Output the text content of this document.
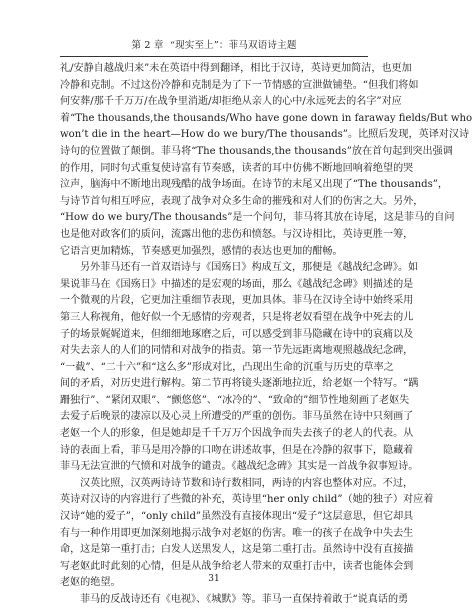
第 2 章 “现实至上”：菲马双语诗主题
礼/安静自越战归来”未在英语中得到翻译，相比于汉诗，英诗更加简洁，也更加
冷静和克制。不过这份冷静和克制是为了下一节情感的宣泄做铺垫。“但我们将如
何安葬/那千千万万/在战争里消逝/却拒绝从亲人的心中/永远死去的名字”对应
着“The thousands,the thousands/Who have gone down in faraway fields/But who
won’t die in the heart—How do we bury/The thousands”。比照后发现，英译对汉诗
诗句的位置做了颠倒。菲马将“The thousands,the thousands”放在首句起到突出强调
的作用，同时句式重复使诗富有节奏感，读者的耳中仿佛不断地回响着绝望的哭
泣声，脑海中不断地出现残酷的战争场面。在诗节的末尾又出现了“The thousands”，
与诗节首句相互呼应，表现了战争对众多生命的摧残和对人们的伤害之大。另外，
“How do we bury/The thousands”是一个问句，菲马将其放在诗尾，这是菲马的自问
也是他对政客们的质问，流露出他的悲伤和愤怒。与汉诗相比，英诗更胜一筹，
它语言更加精炼，节奏感更加强烈，感情的表达也更加的酣畅。
另外菲马还有一首双语诗与《国殇日》构成互文，那便是《越战纪念碑》。如
果说菲马在《国殇日》中描述的是宏观的场面，那么《越战纪念碑》则描述的是
一个微观的片段，它更加注重细节表现，更加具体。菲马在汉诗全诗中始终采用
第三人称视角，他好似一个无感情的旁观者，只是将老奴看望在战争中死去的儿
子的场景娓娓道来，但细细地琢磨之后，可以感受到菲马隐藏在诗中的哀痛以及
对失去亲人的人们的同情和对战争的指责。第一节先远距离地观照越战纪念碑，
“一截”、“二十六”和“这么多”形成对比，凸现出生命的沉重与历史的草率之
间的矛盾，对历史进行解构。第二节再将镜头逐渐地拉近，给老妪一个特写。“蹒
跚独行”、“紧闭双眼”、“颤悠悠”、“冰冷的”、“致命的”细节性地刻画了老妪失
去爱子后晚景的凄凉以及心灵上所遭受的严重的创伤。菲马虽然在诗中只刻画了
老妪一个人的形象，但是她却是千千万万个因战争而失去孩子的老人的代表。从
诗的表面上看，菲马是用冷静的口吻在讲述故事，但是在冷静的叙事下，隐藏着
菲马无法宣泄的气愤和对战争的谴责。《越战纪念碑》其实是一首战争叙事短诗。
汉英比照，汉英两诗诗节数和诗行数相同，两诗的内容也整体对应。不过，
英诗对汉诗的内容进行了些微的补充，英诗里“her only child”（她的独子）对应着
汉诗“她的爱子”，“only child”虽然没有直接体现出“爱子”这层意思，但它却具
有与一种作用即更加深刻地揭示战争对老妪的伤害。唯一的孩子在战争中失去生
命，这是第一重打击；白发人送黑发人，这是第二重打击。虽然诗中没有直接描
写老妪此时此刻的心情，但是从战争给老人带来的双重打击中，读者也能体会到
老妪的绝望。
菲马的反战诗还有《电视》、《城默》等。菲马一直保持着敢于“说真话的勇
31
